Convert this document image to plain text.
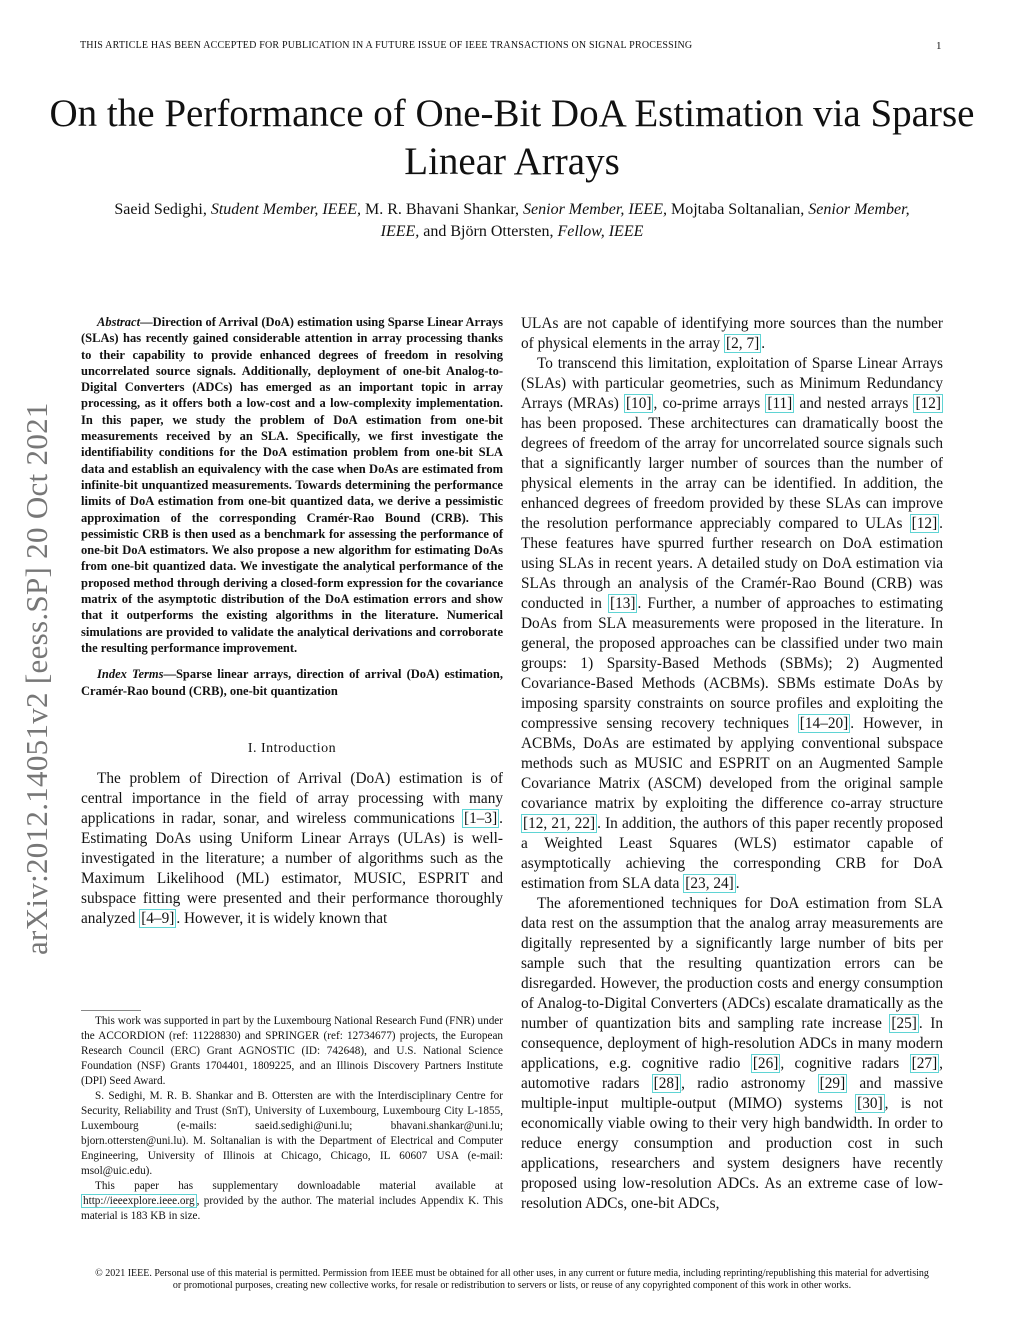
THIS ARTICLE HAS BEEN ACCEPTED FOR PUBLICATION IN A FUTURE ISSUE OF IEEE TRANSACTIONS ON SIGNAL PROCESSING	1
On the Performance of One-Bit DoA Estimation via Sparse Linear Arrays
Saeid Sedighi, Student Member, IEEE, M. R. Bhavani Shankar, Senior Member, IEEE, Mojtaba Soltanalian, Senior Member, IEEE, and Björn Ottersten, Fellow, IEEE
arXiv:2012.14051v2 [eess.SP] 20 Oct 2021

Abstract—Direction of Arrival (DoA) estimation using Sparse Linear Arrays (SLAs) has recently gained considerable attention in array processing thanks to their capability to provide enhanced degrees of freedom in resolving uncorrelated source signals. Additionally, deployment of one-bit Analog-to-Digital Converters (ADCs) has emerged as an important topic in array processing, as it offers both a low-cost and a low-complexity implementation. In this paper, we study the problem of DoA estimation from one-bit measurements received by an SLA. Specifically, we first investigate the identifiability conditions for the DoA estimation problem from one-bit SLA data and establish an equivalency with the case when DoAs are estimated from infinite-bit unquantized measurements. Towards determining the performance limits of DoA estimation from one-bit quantized data, we derive a pessimistic approximation of the corresponding Cramér-Rao Bound (CRB). This pessimistic CRB is then used as a benchmark for assessing the performance of one-bit DoA estimators. We also propose a new algorithm for estimating DoAs from one-bit quantized data. We investigate the analytical performance of the proposed method through deriving a closed-form expression for the covariance matrix of the asymptotic distribution of the DoA estimation errors and show that it outperforms the existing algorithms in the literature. Numerical simulations are provided to validate the analytical derivations and corroborate the resulting performance improvement.

Index Terms—Sparse linear arrays, direction of arrival (DoA) estimation, Cramér-Rao bound (CRB), one-bit quantization

I. Introduction

The problem of Direction of Arrival (DoA) estimation is of central importance in the field of array processing with many applications in radar, sonar, and wireless communications [1–3] . Estimating DoAs using Uniform Linear Arrays (ULAs) is well-investigated in the literature; a number of algorithms such as the Maximum Likelihood (ML) estimator, MUSIC, ESPRIT and subspace fitting were presented and their performance thoroughly analyzed [4–9] . However, it is widely known that

This work was supported in part by the Luxembourg National Research Fund (FNR) under the ACCORDION (ref: 11228830) and SPRINGER (ref: 12734677) projects, the European Research Council (ERC) Grant AGNOSTIC (ID: 742648), and U.S. National Science Foundation (NSF) Grants 1704401, 1809225, and an Illinois Discovery Partners Institute (DPI) Seed Award.

S. Sedighi, M. R. B. Shankar and B. Ottersten are with the Interdisciplinary Centre for Security, Reliability and Trust (SnT), University of Luxembourg, Luxembourg City L-1855, Luxembourg (e-mails: saeid.sedighi@uni.lu; bhavani.shankar@uni.lu; bjorn.ottersten@uni.lu). M. Soltanalian is with the Department of Electrical and Computer Engineering, University of Illinois at Chicago, Chicago, IL 60607 USA (e-mail: msol@uic.edu).

This paper has supplementary downloadable material available at http://ieeexplore.ieee.org , provided by the author. The material includes Appendix K. This material is 183 KB in size.

ULAs are not capable of identifying more sources than the number of physical elements in the array [2, 7] .

To transcend this limitation, exploitation of Sparse Linear Arrays (SLAs) with particular geometries, such as Minimum Redundancy Arrays (MRAs) [10] , co-prime arrays [11] and nested arrays [12] has been proposed. These architectures can dramatically boost the degrees of freedom of the array for uncorrelated source signals such that a significantly larger number of sources than the number of physical elements in the array can be identified. In addition, the enhanced degrees of freedom provided by these SLAs can improve the resolution performance appreciably compared to ULAs [12] . These features have spurred further research on DoA estimation using SLAs in recent years. A detailed study on DoA estimation via SLAs through an analysis of the Cramér-Rao Bound (CRB) was conducted in [13] . Further, a number of approaches to estimating DoAs from SLA measurements were proposed in the literature. In general, the proposed approaches can be classified under two main groups: 1) Sparsity-Based Methods (SBMs); 2) Augmented Covariance-Based Methods (ACBMs). SBMs estimate DoAs by imposing sparsity constraints on source profiles and exploiting the compressive sensing recovery techniques [14–20] . However, in ACBMs, DoAs are estimated by applying conventional subspace methods such as MUSIC and ESPRIT on an Augmented Sample Covariance Matrix (ASCM) developed from the original sample covariance matrix by exploiting the difference co-array structure [12, 21, 22] . In addition, the authors of this paper recently proposed a Weighted Least Squares (WLS) estimator capable of asymptotically achieving the corresponding CRB for DoA estimation from SLA data [23, 24] .

The aforementioned techniques for DoA estimation from SLA data rest on the assumption that the analog array measurements are digitally represented by a significantly large number of bits per sample such that the resulting quantization errors can be disregarded. However, the production costs and energy consumption of Analog-to-Digital Converters (ADCs) escalate dramatically as the number of quantization bits and sampling rate increase [25] . In consequence, deployment of high-resolution ADCs in many modern applications, e.g. cognitive radio [26] , cognitive radars [27] , automotive radars [28] , radio astronomy [29] and massive multiple-input multiple-output (MIMO) systems [30] , is not economically viable owing to their very high bandwidth. In order to reduce energy consumption and production cost in such applications, researchers and system designers have recently proposed using low-resolution ADCs. As an extreme case of low-resolution ADCs, one-bit ADCs,

© 2021 IEEE. Personal use of this material is permitted. Permission from IEEE must be obtained for all other uses, in any current or future media, including reprinting/republishing this material for advertising or promotional purposes, creating new collective works, for resale or redistribution to servers or lists, or reuse of any copyrighted component of this work in other works.
